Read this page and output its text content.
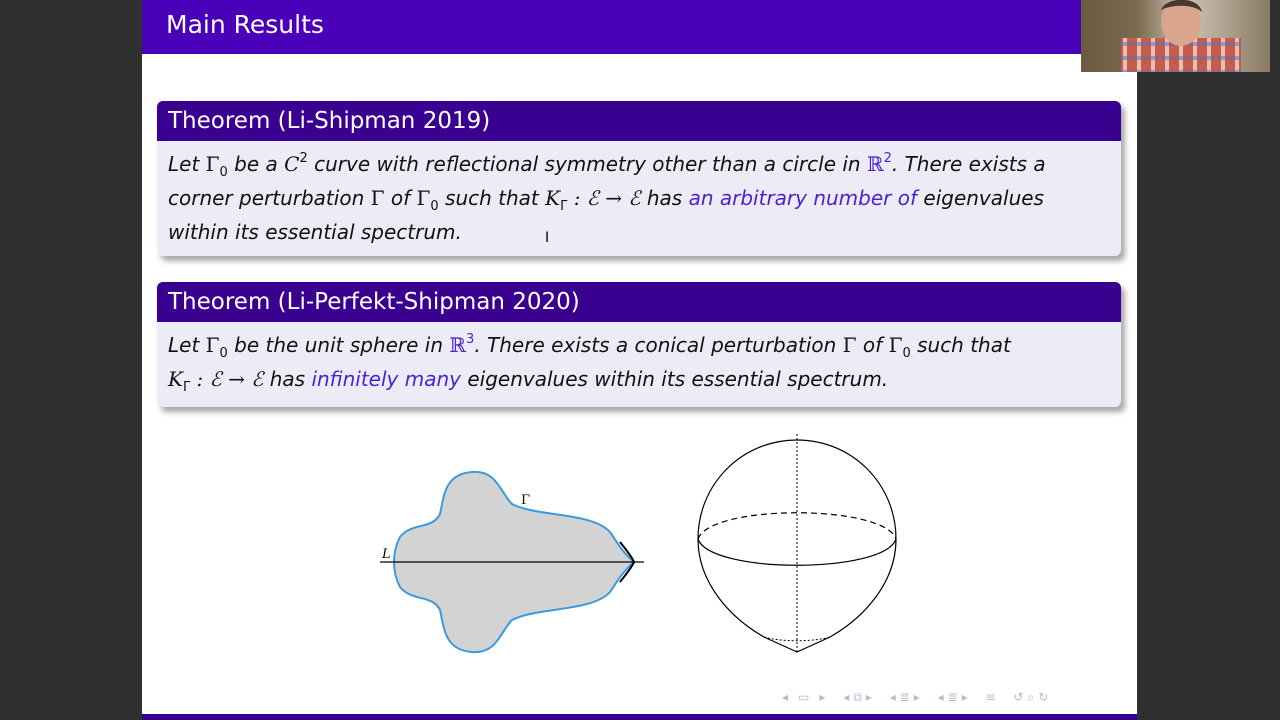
Main Results
Theorem (Li-Shipman 2019)
Let $\Gamma_0$ be a $C^2$ curve with reflectional symmetry other than a circle in ℝ$^2$. There exists a
corner perturbation Γ of $\Gamma_0$ such that $K_\Gamma$ : ℰ → ℰ has an arbitrary number of eigenvalues
within its essential spectrum.
Theorem (Li-Perfekt-Shipman 2020)
Let $\Gamma_0$ be the unit sphere in ℝ$^3$. There exists a conical perturbation Γ of $\Gamma_0$ such that
$K_\Gamma$ : ℰ → ℰ has infinitely many eigenvalues within its essential spectrum.
L
Γ
◂ ▭ ▸ ◂⧉▸ ◂≣▸ ◂≣▸ ≡ ↺⌕↻
I
